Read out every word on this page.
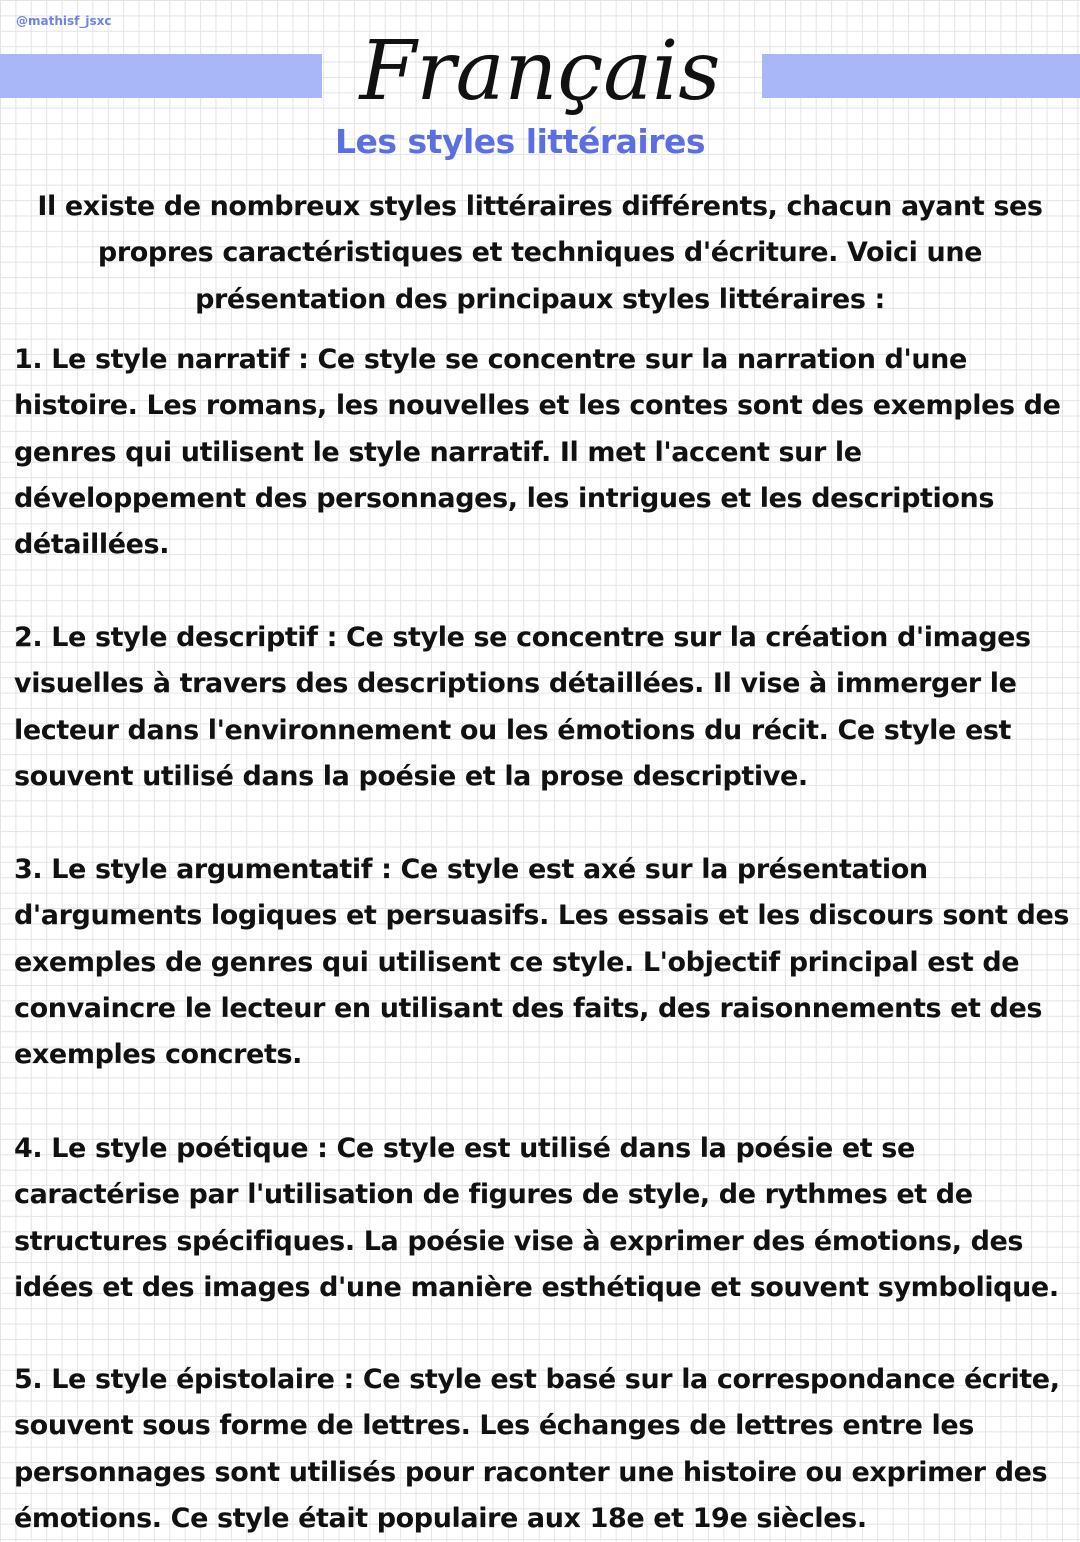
@mathisf_jsxc
Français
Les styles littéraires
Il existe de nombreux styles littéraires différents, chacun ayant ses propres caractéristiques et techniques d'écriture. Voici une présentation des principaux styles littéraires :
1. Le style narratif : Ce style se concentre sur la narration d'une histoire. Les romans, les nouvelles et les contes sont des exemples de genres qui utilisent le style narratif. Il met l'accent sur le développement des personnages, les intrigues et les descriptions détaillées.
2. Le style descriptif : Ce style se concentre sur la création d'images visuelles à travers des descriptions détaillées. Il vise à immerger le lecteur dans l'environnement ou les émotions du récit. Ce style est souvent utilisé dans la poésie et la prose descriptive.
3. Le style argumentatif : Ce style est axé sur la présentation d'arguments logiques et persuasifs. Les essais et les discours sont des exemples de genres qui utilisent ce style. L'objectif principal est de convaincre le lecteur en utilisant des faits, des raisonnements et des exemples concrets.
4. Le style poétique : Ce style est utilisé dans la poésie et se caractérise par l'utilisation de figures de style, de rythmes et de structures spécifiques. La poésie vise à exprimer des émotions, des idées et des images d'une manière esthétique et souvent symbolique.
5. Le style épistolaire : Ce style est basé sur la correspondance écrite, souvent sous forme de lettres. Les échanges de lettres entre les personnages sont utilisés pour raconter une histoire ou exprimer des émotions. Ce style était populaire aux 18e et 19e siècles.
